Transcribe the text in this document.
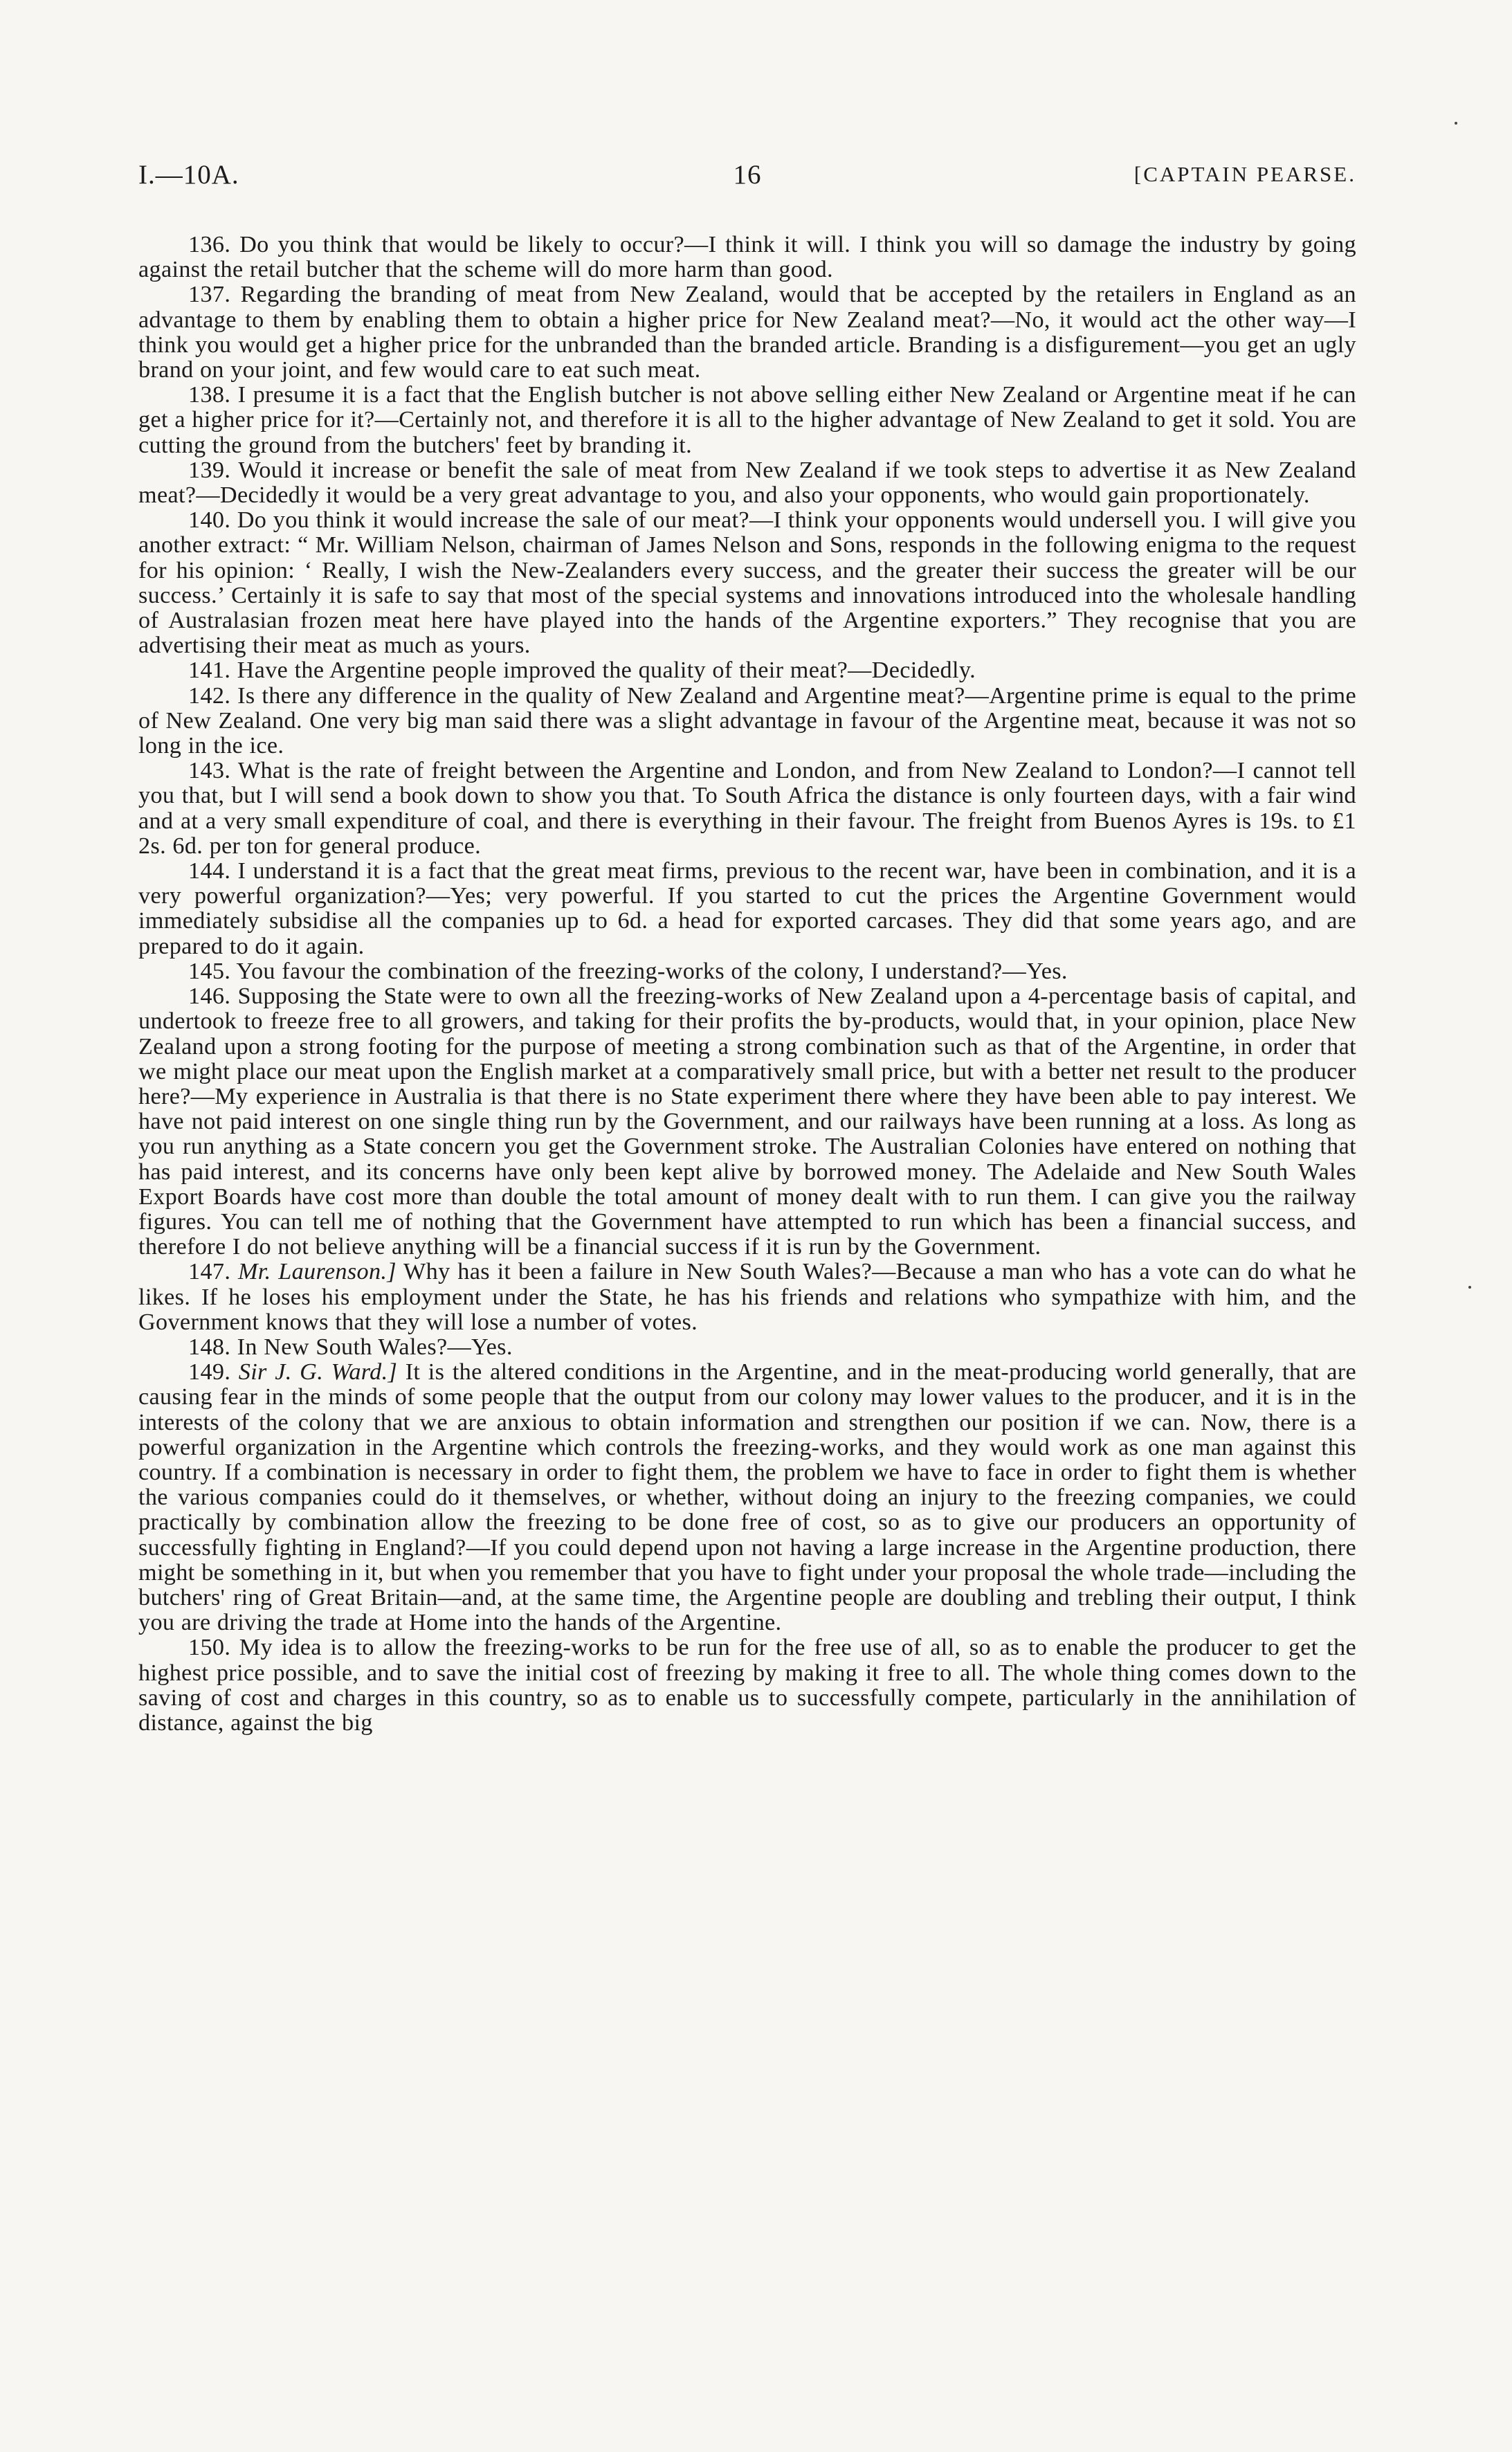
I.—10A.	16	[CAPTAIN PEARSE.

136. Do you think that would be likely to occur?—I think it will. I think you will so damage the industry by going against the retail butcher that the scheme will do more harm than good.

137. Regarding the branding of meat from New Zealand, would that be accepted by the retailers in England as an advantage to them by enabling them to obtain a higher price for New Zealand meat?—No, it would act the other way—I think you would get a higher price for the unbranded than the branded article. Branding is a disfigurement—you get an ugly brand on your joint, and few would care to eat such meat.

138. I presume it is a fact that the English butcher is not above selling either New Zealand or Argentine meat if he can get a higher price for it?—Certainly not, and therefore it is all to the higher advantage of New Zealand to get it sold. You are cutting the ground from the butchers' feet by branding it.

139. Would it increase or benefit the sale of meat from New Zealand if we took steps to advertise it as New Zealand meat?—Decidedly it would be a very great advantage to you, and also your opponents, who would gain proportionately.

140. Do you think it would increase the sale of our meat?—I think your opponents would undersell you. I will give you another extract: “ Mr. William Nelson, chairman of James Nelson and Sons, responds in the following enigma to the request for his opinion: ‘ Really, I wish the New-Zealanders every success, and the greater their success the greater will be our success.’ Certainly it is safe to say that most of the special systems and innovations introduced into the wholesale handling of Australasian frozen meat here have played into the hands of the Argentine exporters.” They recognise that you are advertising their meat as much as yours.

141. Have the Argentine people improved the quality of their meat?—Decidedly.

142. Is there any difference in the quality of New Zealand and Argentine meat?—Argentine prime is equal to the prime of New Zealand. One very big man said there was a slight advantage in favour of the Argentine meat, because it was not so long in the ice.

143. What is the rate of freight between the Argentine and London, and from New Zealand to London?—I cannot tell you that, but I will send a book down to show you that. To South Africa the distance is only fourteen days, with a fair wind and at a very small expenditure of coal, and there is everything in their favour. The freight from Buenos Ayres is 19s. to £1 2s. 6d. per ton for general produce.

144. I understand it is a fact that the great meat firms, previous to the recent war, have been in combination, and it is a very powerful organization?—Yes; very powerful. If you started to cut the prices the Argentine Government would immediately subsidise all the companies up to 6d. a head for exported carcases. They did that some years ago, and are prepared to do it again.

145. You favour the combination of the freezing-works of the colony, I understand?—Yes.

146. Supposing the State were to own all the freezing-works of New Zealand upon a 4-percentage basis of capital, and undertook to freeze free to all growers, and taking for their profits the by-products, would that, in your opinion, place New Zealand upon a strong footing for the purpose of meeting a strong combination such as that of the Argentine, in order that we might place our meat upon the English market at a comparatively small price, but with a better net result to the producer here?—My experience in Australia is that there is no State experiment there where they have been able to pay interest. We have not paid interest on one single thing run by the Government, and our railways have been running at a loss. As long as you run anything as a State concern you get the Government stroke. The Australian Colonies have entered on nothing that has paid interest, and its concerns have only been kept alive by borrowed money. The Adelaide and New South Wales Export Boards have cost more than double the total amount of money dealt with to run them. I can give you the railway figures. You can tell me of nothing that the Government have attempted to run which has been a financial success, and therefore I do not believe anything will be a financial success if it is run by the Government.

147. Mr. Laurenson.] Why has it been a failure in New South Wales?—Because a man who has a vote can do what he likes. If he loses his employment under the State, he has his friends and relations who sympathize with him, and the Government knows that they will lose a number of votes.

148. In New South Wales?—Yes.

149. Sir J. G. Ward.] It is the altered conditions in the Argentine, and in the meat-producing world generally, that are causing fear in the minds of some people that the output from our colony may lower values to the producer, and it is in the interests of the colony that we are anxious to obtain information and strengthen our position if we can. Now, there is a powerful organization in the Argentine which controls the freezing-works, and they would work as one man against this country. If a combination is necessary in order to fight them, the problem we have to face in order to fight them is whether the various companies could do it themselves, or whether, without doing an injury to the freezing companies, we could practically by combination allow the freezing to be done free of cost, so as to give our producers an opportunity of successfully fighting in England?—If you could depend upon not having a large increase in the Argentine production, there might be something in it, but when you remember that you have to fight under your proposal the whole trade—including the butchers' ring of Great Britain—and, at the same time, the Argentine people are doubling and trebling their output, I think you are driving the trade at Home into the hands of the Argentine.

150. My idea is to allow the freezing-works to be run for the free use of all, so as to enable the producer to get the highest price possible, and to save the initial cost of freezing by making it free to all. The whole thing comes down to the saving of cost and charges in this country, so as to enable us to successfully compete, particularly in the annihilation of distance, against the big
